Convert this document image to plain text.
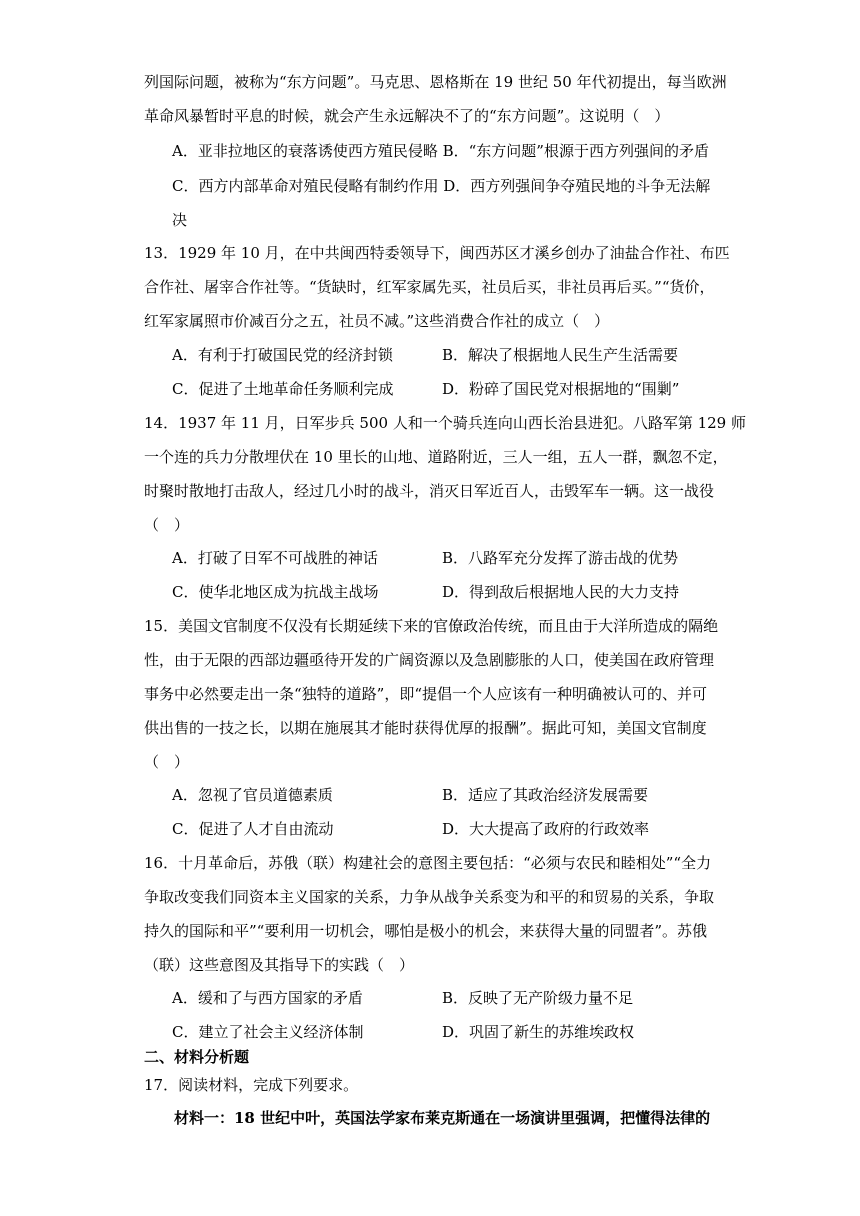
列国际问题，被称为“东方问题”。马克思、恩格斯在 19 世纪 50 年代初提出，每当欧洲
革命风暴暂时平息的时候，就会产生永远解决不了的“东方问题”。这说明（　）
A．亚非拉地区的衰落诱使西方殖民侵略 B．“东方问题”根源于西方列强间的矛盾
C．西方内部革命对殖民侵略有制约作用 D．西方列强间争夺殖民地的斗争无法解
决
13．1929 年 10 月，在中共闽西特委领导下，闽西苏区才溪乡创办了油盐合作社、布匹
合作社、屠宰合作社等。“货缺时，红军家属先买，社员后买，非社员再后买。”“货价，
红军家属照市价减百分之五，社员不减。”这些消费合作社的成立（　）
A．有利于打破国民党的经济封锁	B．解决了根据地人民生产生活需要
C．促进了土地革命任务顺利完成	D．粉碎了国民党对根据地的“围剿”
14．1937 年 11 月，日军步兵 500 人和一个骑兵连向山西长治县进犯。八路军第 129 师
一个连的兵力分散埋伏在 10 里长的山地、道路附近，三人一组，五人一群，飘忽不定，
时聚时散地打击敌人，经过几小时的战斗，消灭日军近百人，击毁军车一辆。这一战役
（　）
A．打破了日军不可战胜的神话	B．八路军充分发挥了游击战的优势
C．使华北地区成为抗战主战场	D．得到敌后根据地人民的大力支持
15．美国文官制度不仅没有长期延续下来的官僚政治传统，而且由于大洋所造成的隔绝
性，由于无限的西部边疆亟待开发的广阔资源以及急剧膨胀的人口，使美国在政府管理
事务中必然要走出一条“独特的道路”，即“提倡一个人应该有一种明确被认可的、并可
供出售的一技之长，以期在施展其才能时获得优厚的报酬”。据此可知，美国文官制度
（　）
A．忽视了官员道德素质	B．适应了其政治经济发展需要
C．促进了人才自由流动	D．大大提高了政府的行政效率
16．十月革命后，苏俄（联）构建社会的意图主要包括：“必须与农民和睦相处”“全力
争取改变我们同资本主义国家的关系，力争从战争关系变为和平的和贸易的关系，争取
持久的国际和平”“要利用一切机会，哪怕是极小的机会，来获得大量的同盟者”。苏俄
（联）这些意图及其指导下的实践（　）
A．缓和了与西方国家的矛盾	B．反映了无产阶级力量不足
C．建立了社会主义经济体制	D．巩固了新生的苏维埃政权
二、材料分析题
17．阅读材料，完成下列要求。
材料一：18 世纪中叶，英国法学家布莱克斯通在一场演讲里强调，把懂得法律的
